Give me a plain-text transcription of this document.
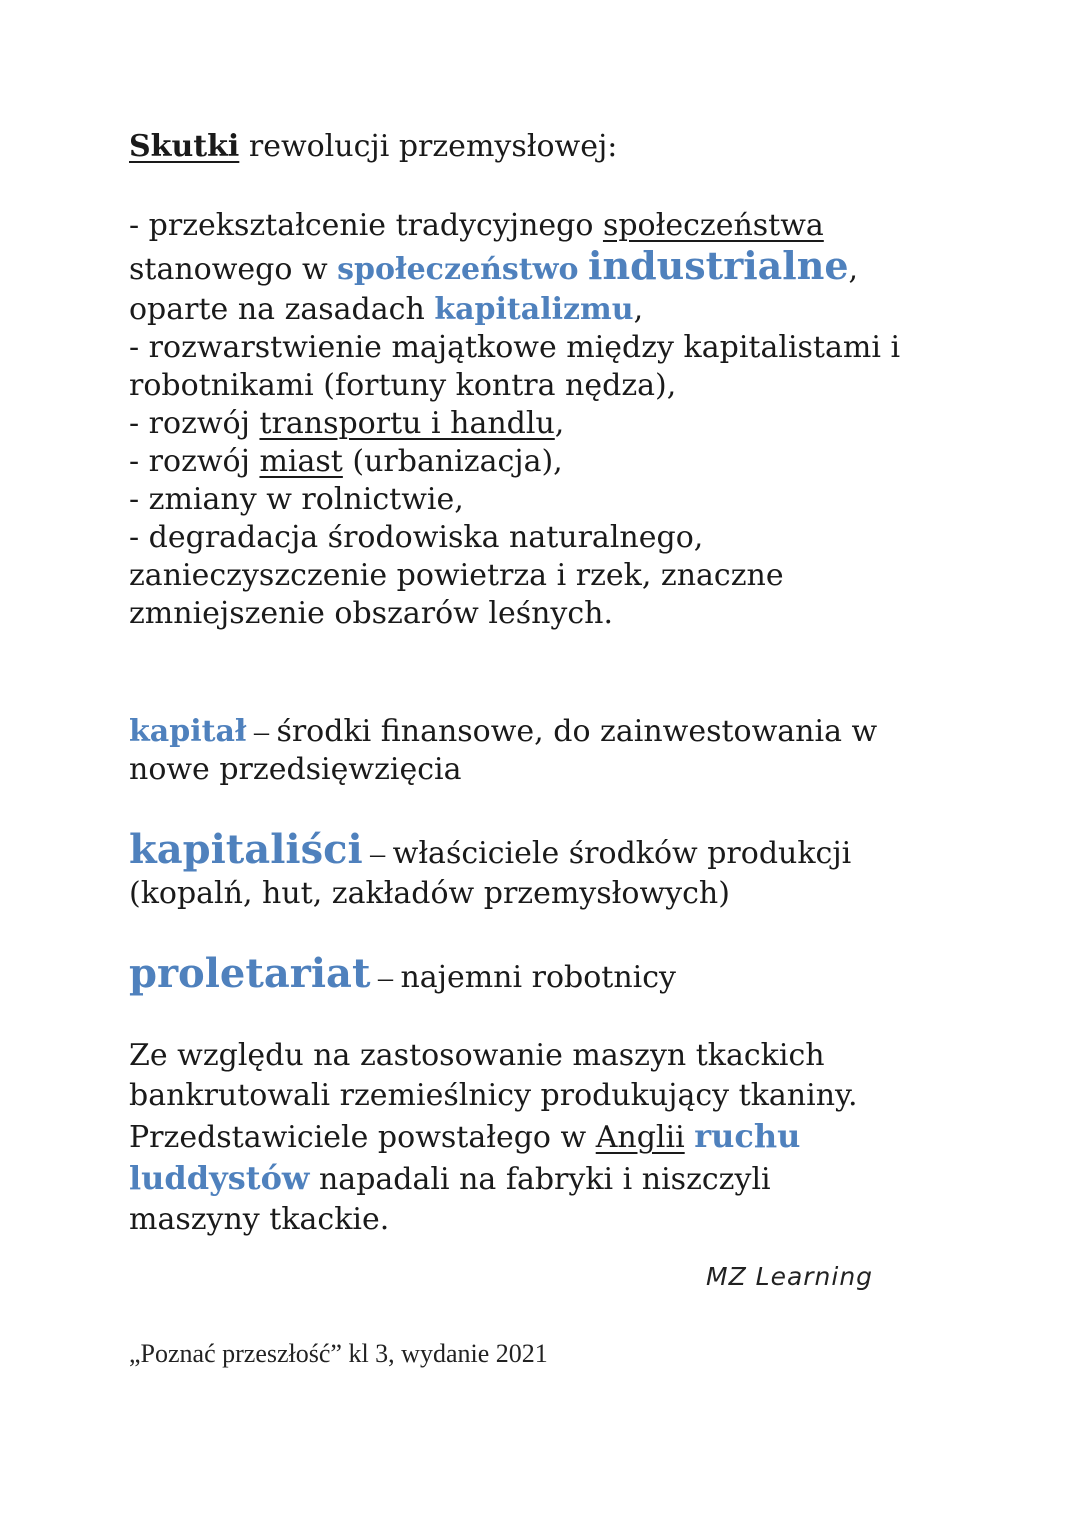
Skutki rewolucji przemysłowej:
- przekształcenie tradycyjnego społeczeństwa
stanowego w społeczeństwo industrialne,
oparte na zasadach kapitalizmu,
- rozwarstwienie majątkowe między kapitalistami i
robotnikami (fortuny kontra nędza),
- rozwój transportu i handlu,
- rozwój miast (urbanizacja),
- zmiany w rolnictwie,
- degradacja środowiska naturalnego,
zanieczyszczenie powietrza i rzek, znaczne
zmniejszenie obszarów leśnych.
kapitał – środki finansowe, do zainwestowania w
nowe przedsięwzięcia
kapitaliści – właściciele środków produkcji
(kopalń, hut, zakładów przemysłowych)
proletariat – najemni robotnicy
Ze względu na zastosowanie maszyn tkackich
bankrutowali rzemieślnicy produkujący tkaniny.
Przedstawiciele powstałego w Anglii ruchu
luddystów napadali na fabryki i niszczyli
maszyny tkackie.
MZ Learning
„Poznać przeszłość” kl 3, wydanie 2021
